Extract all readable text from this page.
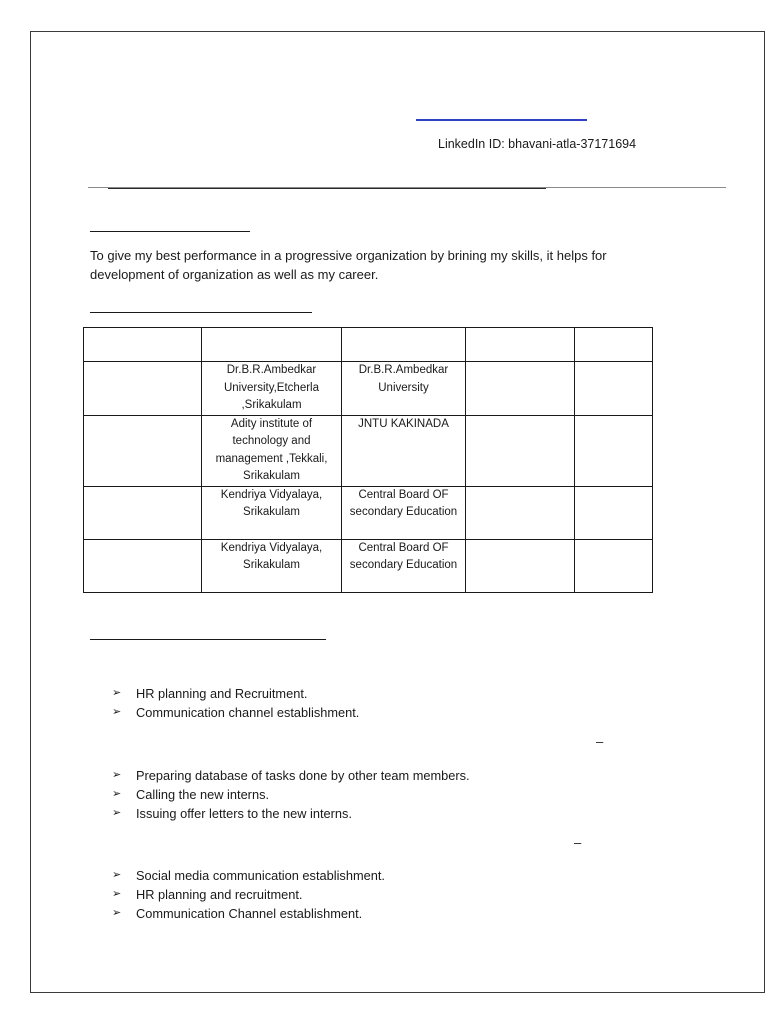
LinkedIn ID: bhavani-atla-37171694
To give my best performance in a progressive organization by brining my skills, it helps for development of organization as well as my career.

	Dr.B.R.Ambedkar University,Etcherla ,Srikakulam	Dr.B.R.Ambedkar University		
	Adity institute of technology and management ,Tekkali, Srikakulam	JNTU KAKINADA		
	Kendriya Vidyalaya, Srikakulam	Central Board OF secondary Education		
	Kendriya Vidyalaya, Srikakulam	Central Board OF secondary Education		
➢ HR planning and Recruitment.
➢ Communication channel establishment.
–
➢ Preparing database of tasks done by other team members.
➢ Calling the new interns.
➢ Issuing offer letters to the new interns.
–
➢ Social media communication establishment.
➢ HR planning and recruitment.
➢ Communication Channel establishment.
